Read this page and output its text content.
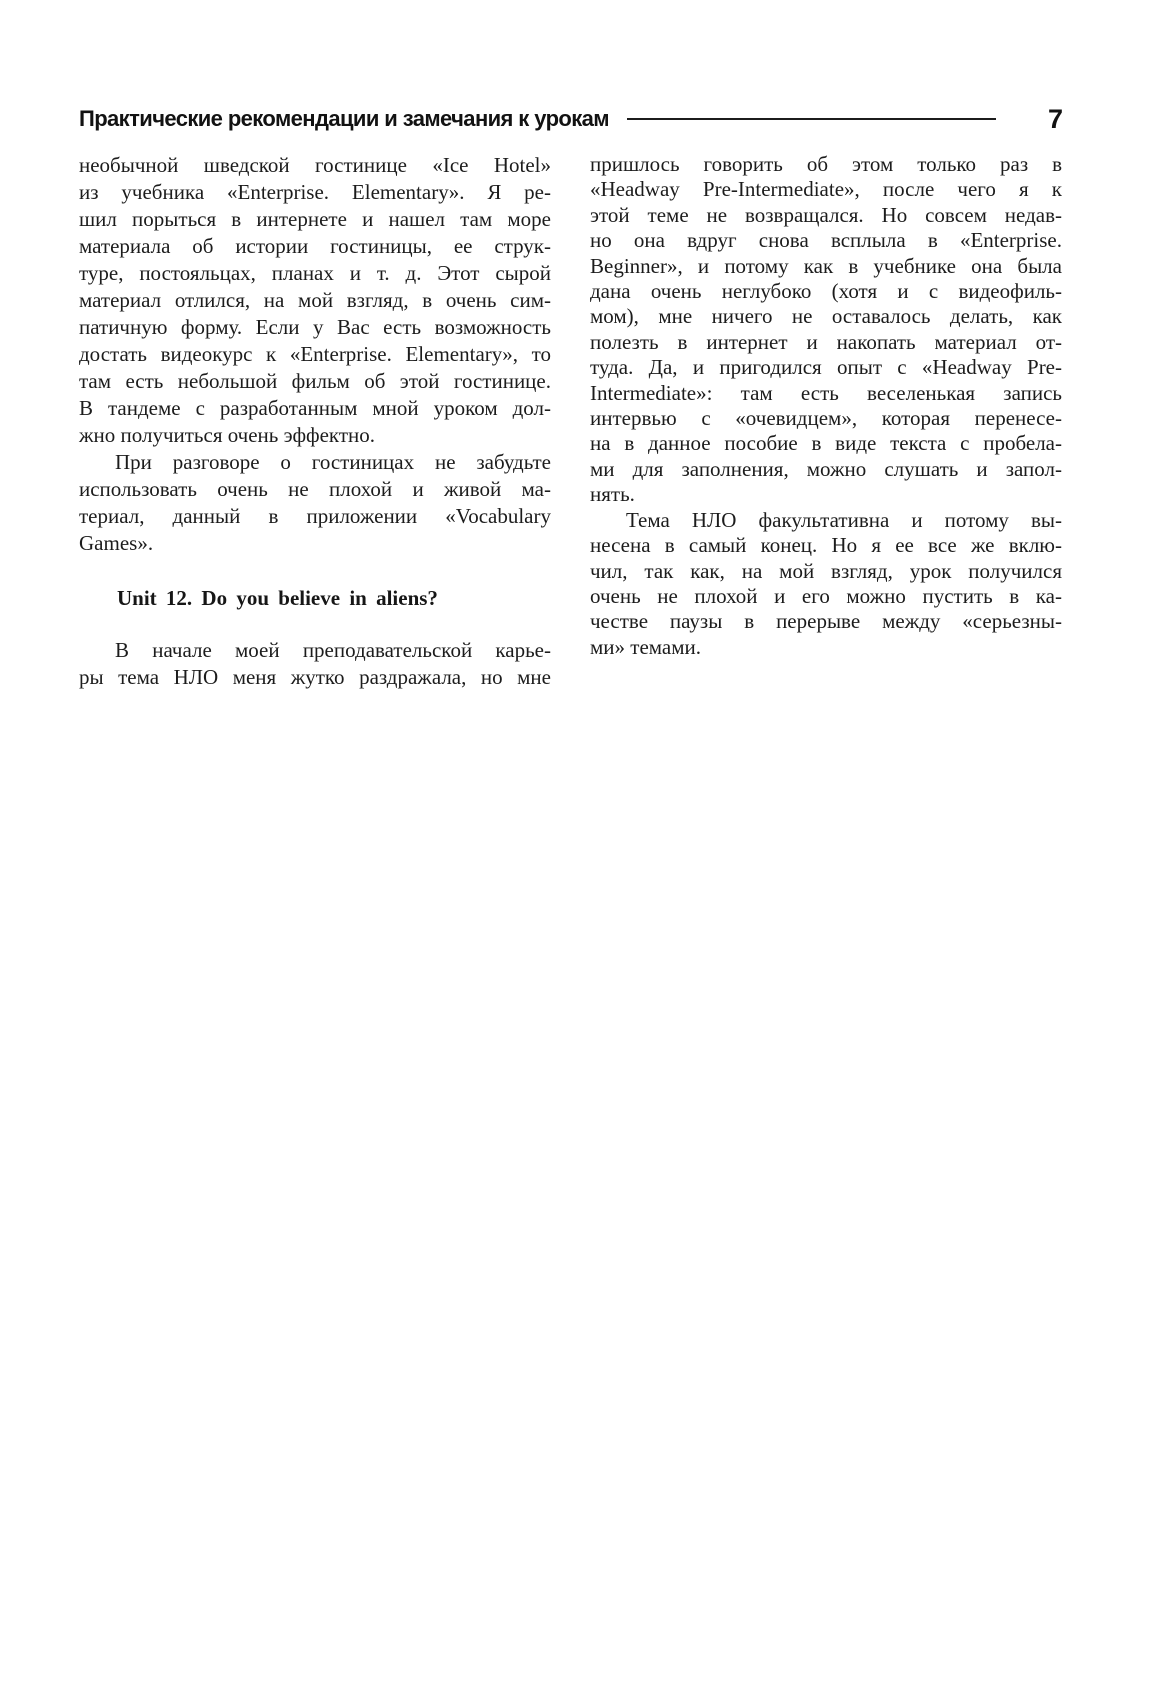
Практические рекомендации и замечания к урокам	7
необычной шведской гостинице «Ice Hotel»
из учебника «Enterprise. Elementary». Я ре-
шил порыться в интернете и нашел там море
материала об истории гостиницы, ее струк-
туре, постояльцах, планах и т. д. Этот сырой
материал отлился, на мой взгляд, в очень сим-
патичную форму. Если у Вас есть возможность
достать видеокурс к «Enterprise. Elementary», то
там есть небольшой фильм об этой гостинице.
В тандеме с разработанным мной уроком дол-
жно получиться очень эффектно.
При разговоре о гостиницах не забудьте
использовать очень не плохой и живой ма-
териал, данный в приложении «Vocabulary
Games».
Unit 12. Do you believe in aliens?
В начале моей преподавательской карье-
ры тема НЛО меня жутко раздражала, но мне
пришлось говорить об этом только раз в
«Headway Pre-Intermediate», после чего я к
этой теме не возвращался. Но совсем недав-
но она вдруг снова всплыла в «Enterprise.
Beginner», и потому как в учебнике она была
дана очень неглубоко (хотя и с видеофиль-
мом), мне ничего не оставалось делать, как
полезть в интернет и накопать материал от-
туда. Да, и пригодился опыт с «Headway Pre-
Intermediate»: там есть веселенькая запись
интервью с «очевидцем», которая перенесе-
на в данное пособие в виде текста с пробела-
ми для заполнения, можно слушать и запол-
нять.
Тема НЛО факультативна и потому вы-
несена в самый конец. Но я ее все же вклю-
чил, так как, на мой взгляд, урок получился
очень не плохой и его можно пустить в ка-
честве паузы в перерыве между «серьезны-
ми» темами.
